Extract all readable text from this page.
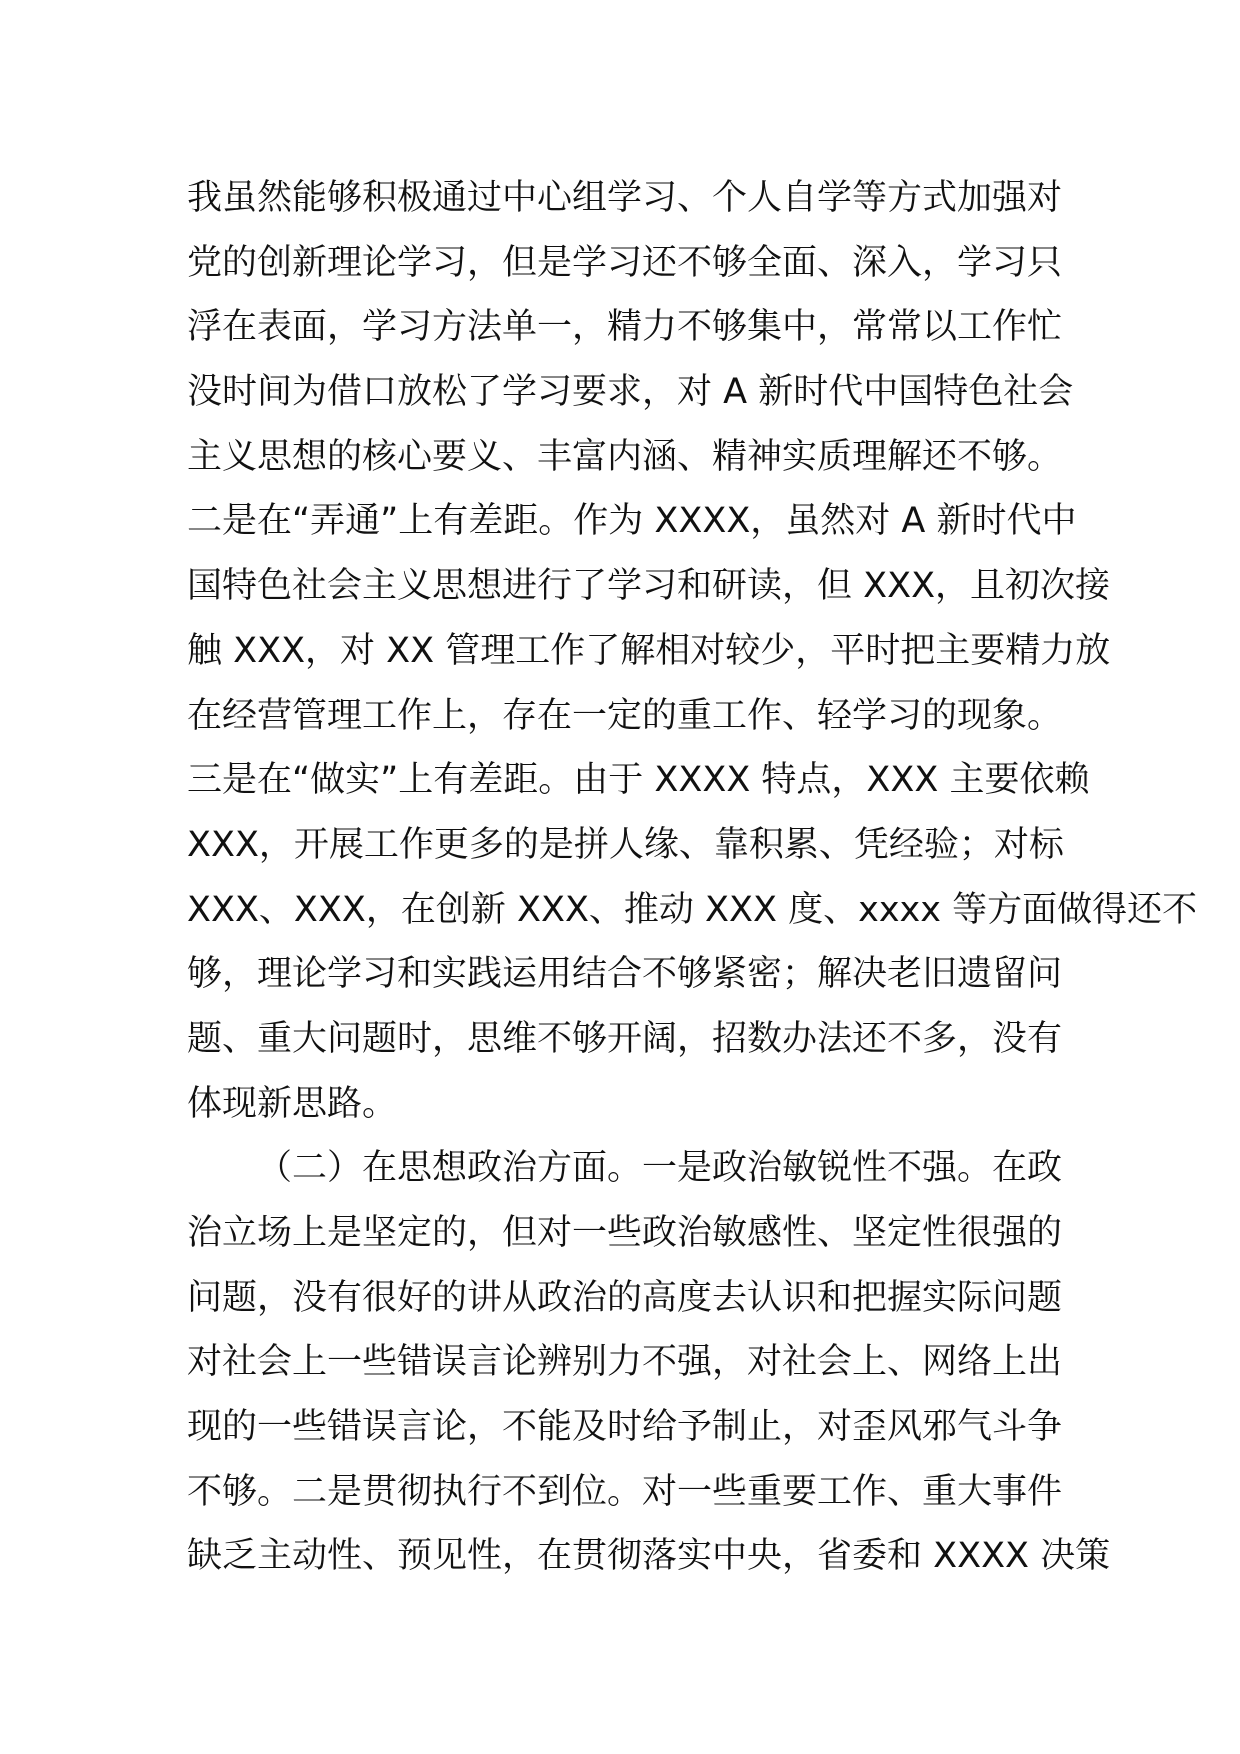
我虽然能够积极通过中心组学习、个人自学等方式加强对
党的创新理论学习，但是学习还不够全面、深入，学习只
浮在表面，学习方法单一，精力不够集中，常常以工作忙
没时间为借口放松了学习要求，对 A 新时代中国特色社会
主义思想的核心要义、丰富内涵、精神实质理解还不够。
二是在“弄通”上有差距。作为 XXXX，虽然对 A 新时代中
国特色社会主义思想进行了学习和研读，但 XXX，且初次接
触 XXX，对 XX 管理工作了解相对较少，平时把主要精力放
在经营管理工作上，存在一定的重工作、轻学习的现象。
三是在“做实”上有差距。由于 XXXX 特点，XXX 主要依赖
XXX，开展工作更多的是拼人缘、靠积累、凭经验；对标
XXX、XXX，在创新 XXX、推动 XXX 度、xxxx 等方面做得还不
够，理论学习和实践运用结合不够紧密；解决老旧遗留问
题、重大问题时，思维不够开阔，招数办法还不多，没有
体现新思路。
（二）在思想政治方面。一是政治敏锐性不强。在政
治立场上是坚定的，但对一些政治敏感性、坚定性很强的
问题，没有很好的讲从政治的高度去认识和把握实际问题
对社会上一些错误言论辨别力不强，对社会上、网络上出
现的一些错误言论，不能及时给予制止，对歪风邪气斗争
不够。二是贯彻执行不到位。对一些重要工作、重大事件
缺乏主动性、预见性，在贯彻落实中央，省委和 XXXX 决策
